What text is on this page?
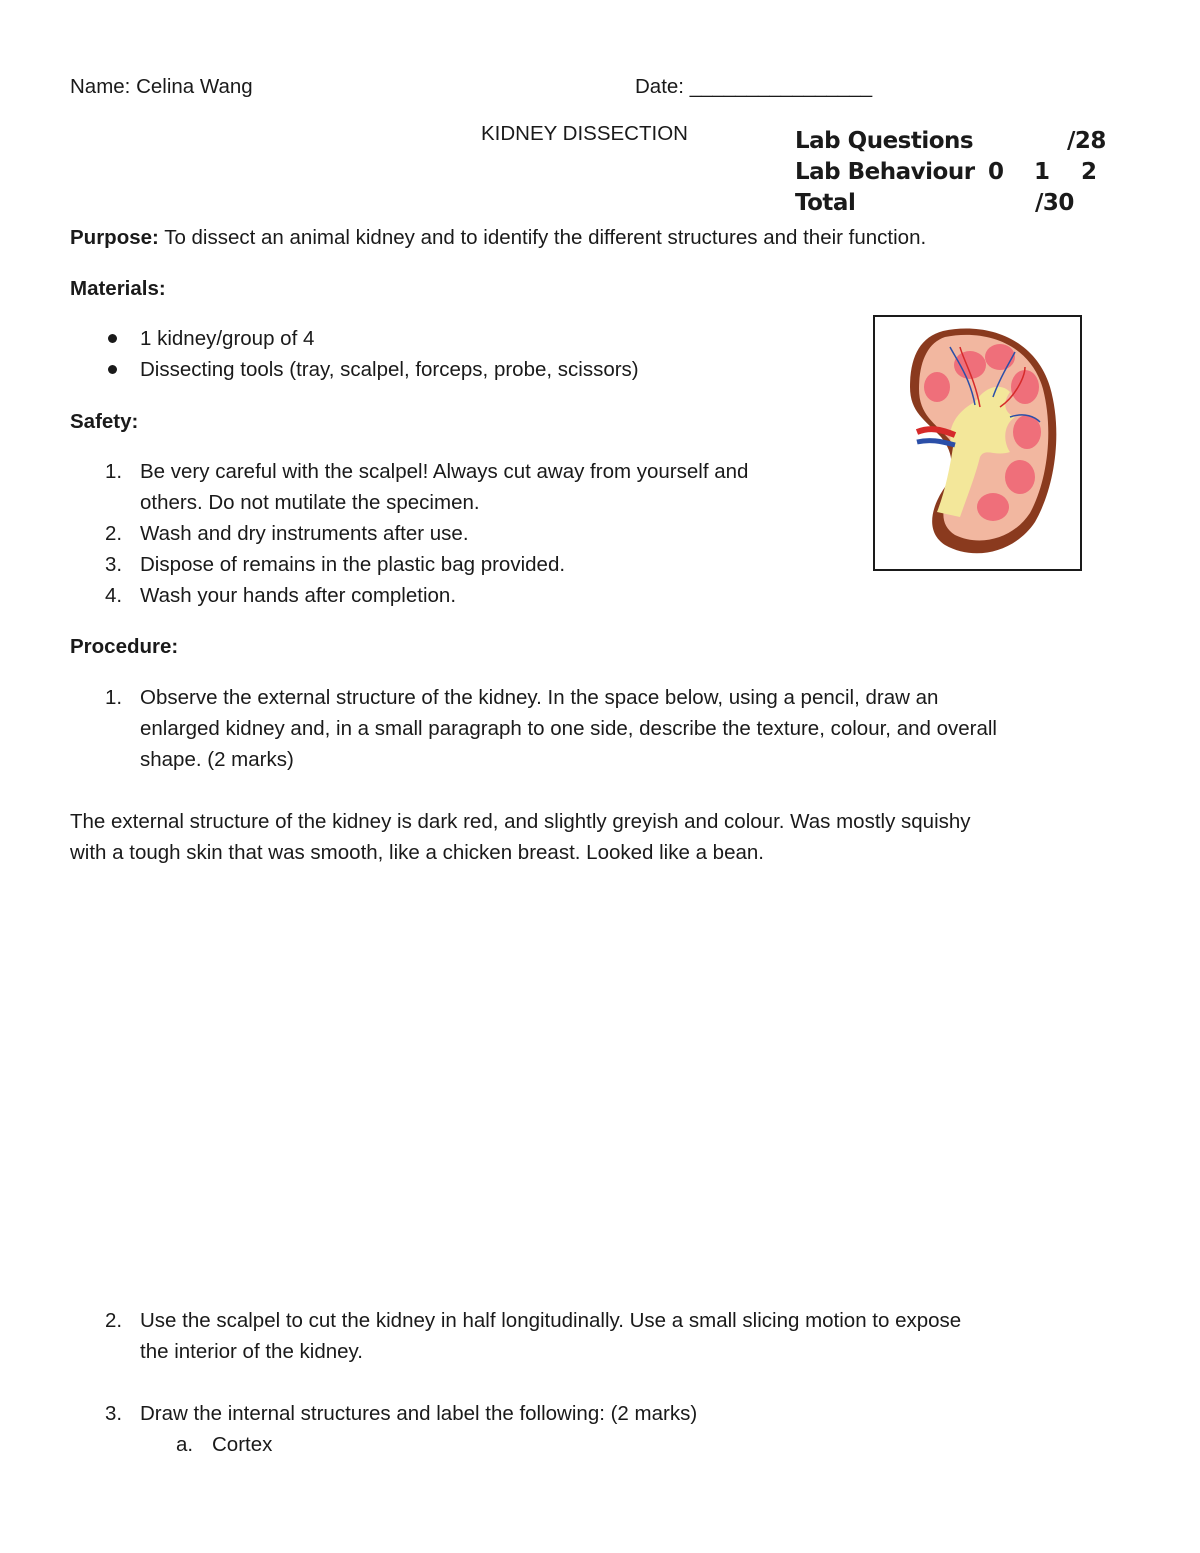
Name: Celina Wang	Date: ________________
KIDNEY DISSECTION	Lab Questions	/28
Lab Behaviour 0 1 2
Total	/30
Purpose: To dissect an animal kidney and to identify the different structures and their function.
Materials:
1 kidney/group of 4
Dissecting tools (tray, scalpel, forceps, probe, scissors)
Safety:
1. Be very careful with the scalpel! Always cut away from yourself and
others. Do not mutilate the specimen.
2. Wash and dry instruments after use.
3. Dispose of remains in the plastic bag provided.
4. Wash your hands after completion.
Procedure:
1. Observe the external structure of the kidney. In the space below, using a pencil, draw an
enlarged kidney and, in a small paragraph to one side, describe the texture, colour, and overall
shape. (2 marks)
The external structure of the kidney is dark red, and slightly greyish and colour. Was mostly squishy
with a tough skin that was smooth, like a chicken breast. Looked like a bean.
2. Use the scalpel to cut the kidney in half longitudinally. Use a small slicing motion to expose
the interior of the kidney.
3. Draw the internal structures and label the following: (2 marks)
a. Cortex
